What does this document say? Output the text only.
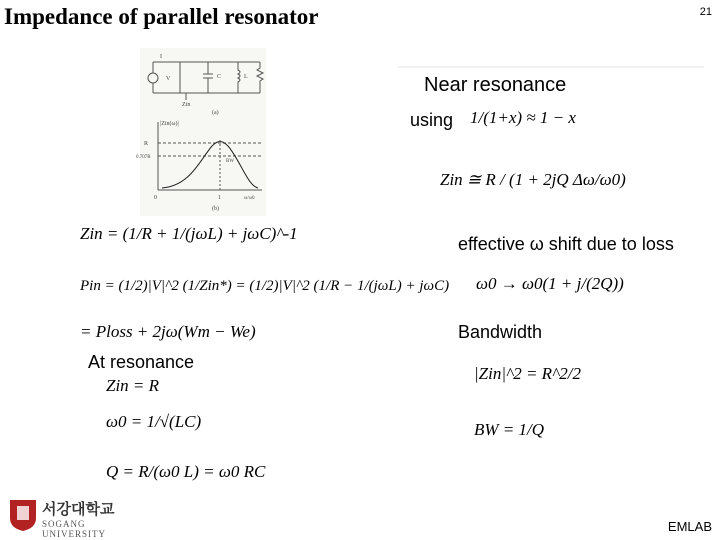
Impedance of parallel resonator	21
I
V	C	L
Zin
(a)
|Zin(ω)|
R
0.707R
BW
0	1	ω/ω0
(b)
Zin = (1/R + 1/(jωL) + jωC)^-1
Pin = (1/2)|V|^2 (1/Zin*) = (1/2)|V|^2 (1/R − 1/(jωL) + jωC)
= Ploss + 2jω(Wm − We)
At resonance
Zin = R
ω0 = 1/√(LC)
Q = R/(ω0 L) = ω0 RC
Near resonance
using 1/(1+x) ≈ 1 − x
Zin ≅ R / (1 + 2jQ Δω/ω0)
effective ω shift due to loss
ω0 → ω0(1 + j/(2Q))
Bandwidth
|Zin|^2 = R^2/2
BW = 1/Q
서강대학교
SOGANG UNIVERSITY	EMLAB
